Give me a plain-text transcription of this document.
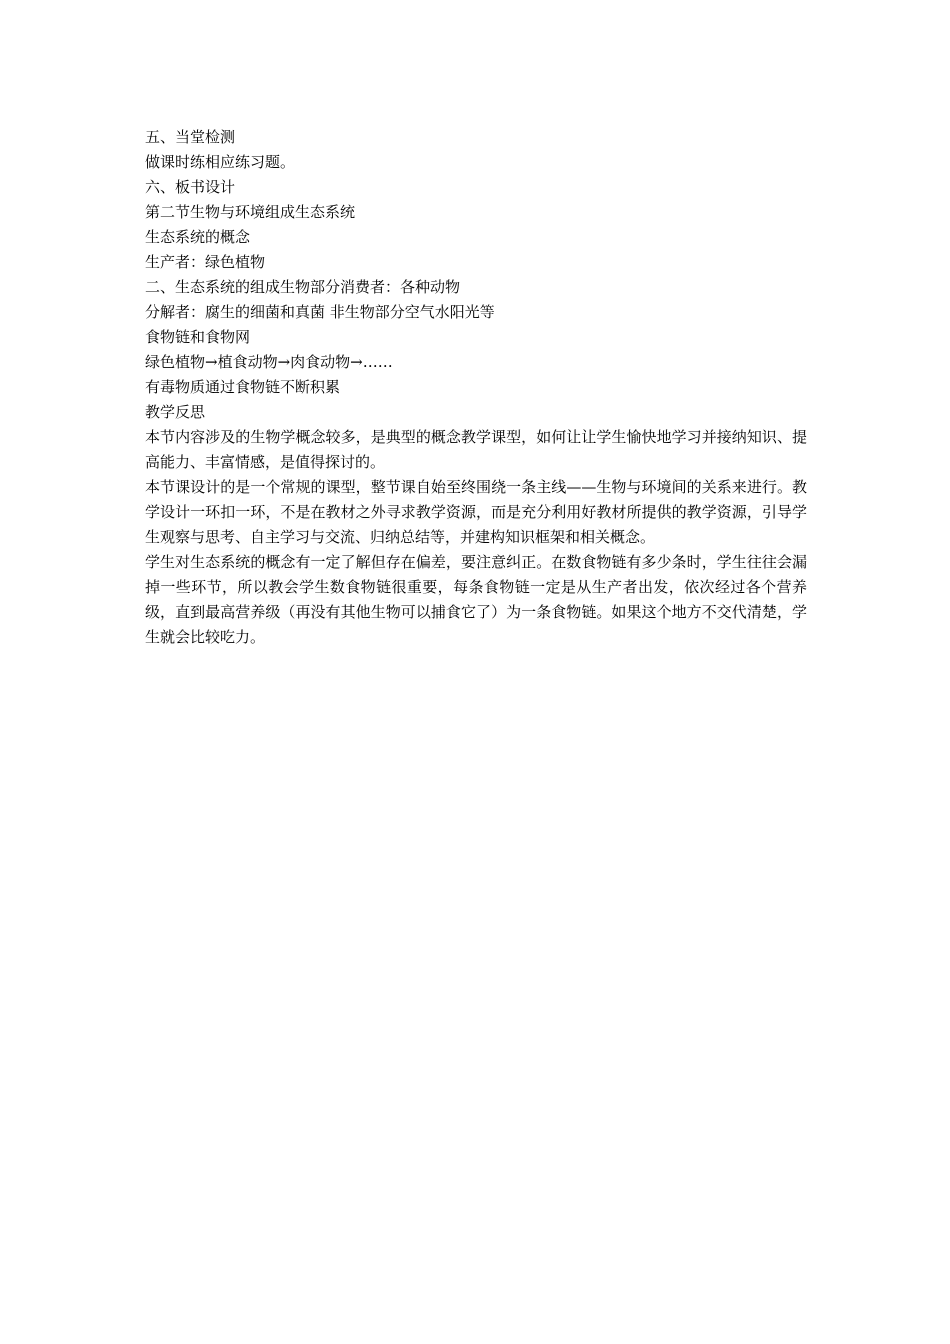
五、当堂检测

做课时练相应练习题。

六、板书设计

第二节生物与环境组成生态系统

生态系统的概念

生产者：绿色植物

二、生态系统的组成生物部分消费者：各种动物

分解者：腐生的细菌和真菌 非生物部分空气水阳光等

食物链和食物网

绿色植物→植食动物→肉食动物→……

有毒物质通过食物链不断积累

教学反思

本节内容涉及的生物学概念较多，是典型的概念教学课型，如何让让学生愉快地学习并接纳知识、提高能力、丰富情感，是值得探讨的。

本节课设计的是一个常规的课型，整节课自始至终围绕一条主线——生物与环境间的关系来进行。教学设计一环扣一环，不是在教材之外寻求教学资源，而是充分利用好教材所提供的教学资源，引导学生观察与思考、自主学习与交流、归纳总结等，并建构知识框架和相关概念。

学生对生态系统的概念有一定了解但存在偏差，要注意纠正。在数食物链有多少条时，学生往往会漏掉一些环节，所以教会学生数食物链很重要，每条食物链一定是从生产者出发，依次经过各个营养级，直到最高营养级（再没有其他生物可以捕食它了）为一条食物链。如果这个地方不交代清楚，学生就会比较吃力。
